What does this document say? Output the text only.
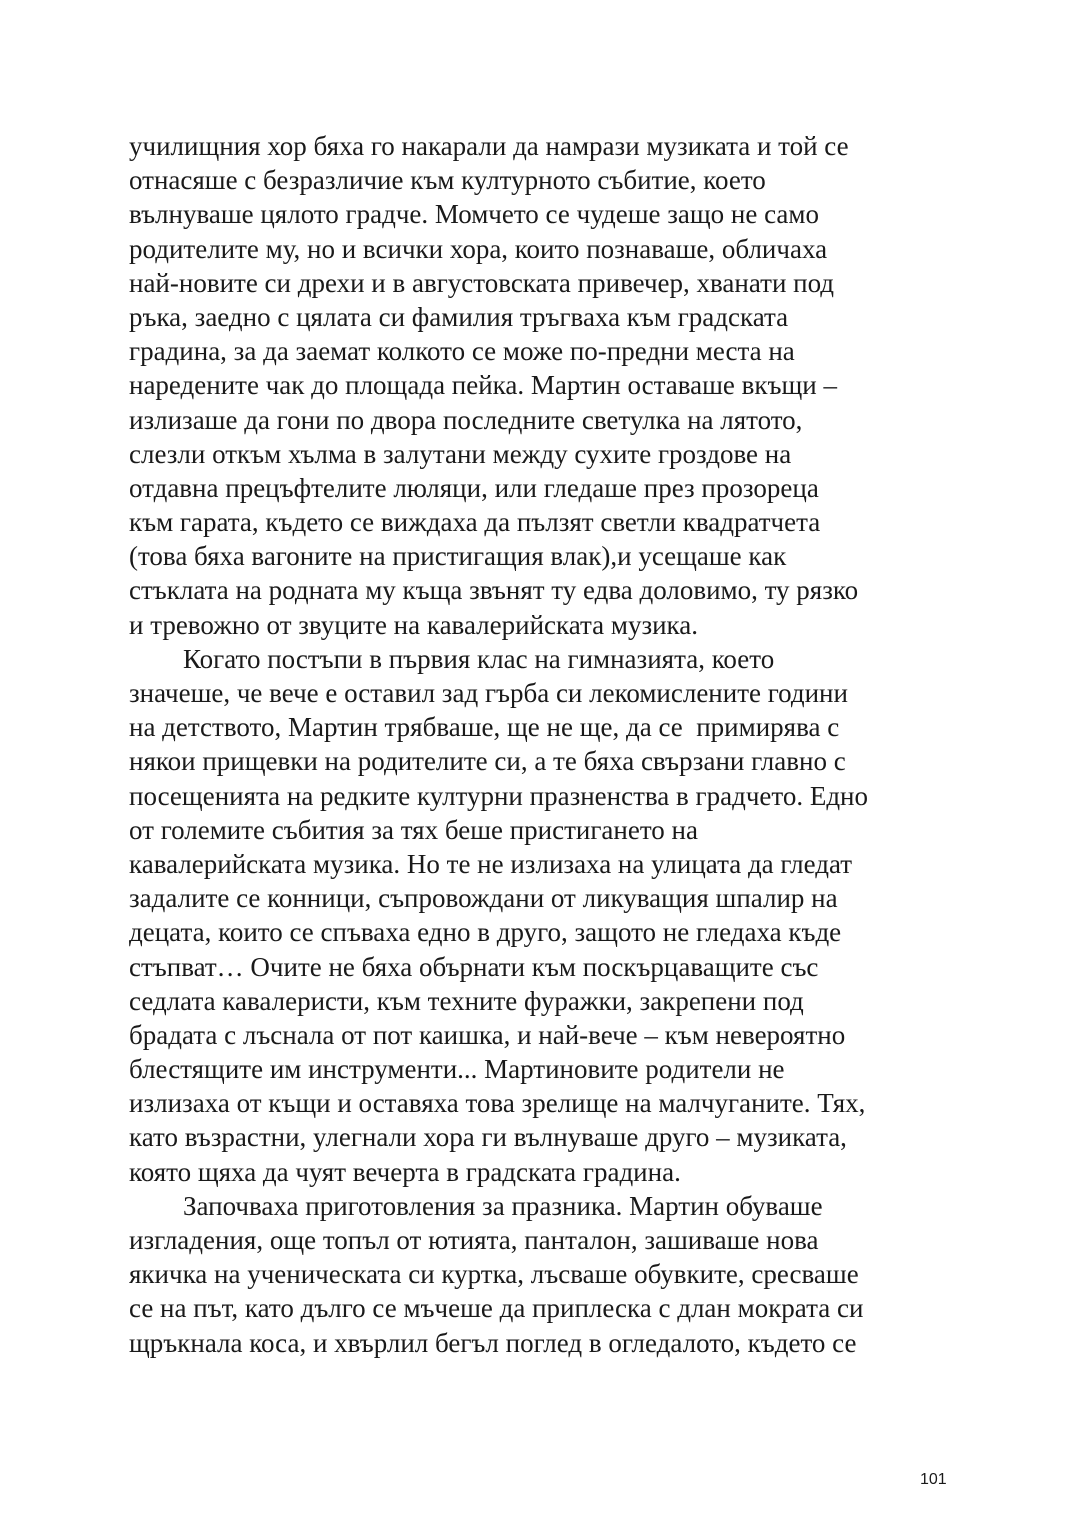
училищния хор бяха го накарали да намрази музиката и той се
отнасяше с безразличие към културното събитие, което
вълнуваше цялото градче. Момчето се чудеше защо не само
родителите му, но и всички хора, които познаваше, обличаха
най-новите си дрехи и в августовската привечер, хванати под
ръка, заедно с цялата си фамилия тръгваха към градската
градина, за да заемат колкото се може по-предни места на
наредените чак до площада пейка. Мартин оставаше вкъщи –
излизаше да гони по двора последните светулка на лятото,
слезли откъм хълма в залутани между сухите гроздове на
отдавна прецъфтелите люляци, или гледаше през прозореца
към гарата, където се виждаха да пълзят светли квадратчета
(това бяха вагоните на пристигащия влак),и усещаше как
стъклата на родната му къща звънят ту едва доловимо, ту рязко
и тревожно от звуците на кавалерийската музика.
Когато постъпи в първия клас на гимназията, което
значеше, че вече е оставил зад гърба си лекомислените години
на детството, Мартин трябваше, ще не ще, да се  примирява с
някои прищевки на родителите си, а те бяха свързани главно с
посещенията на редките културни празненства в градчето. Едно
от големите събития за тях беше пристигането на
кавалерийската музика. Но те не излизаха на улицата да гледат
задалите се конници, съпровождани от ликуващия шпалир на
децата, които се спъваха едно в друго, защото не гледаха къде
стъпват… Очите не бяха обърнати към поскърцаващите със
седлата кавалеристи, към техните фуражки, закрепени под
брадата с лъснала от пот каишка, и най-вече – към невероятно
блестящите им инструменти... Мартиновите родители не
излизаха от къщи и оставяха това зрелище на малчуганите. Тях,
като възрастни, улегнали хора ги вълнуваше друго – музиката,
която щяха да чуят вечерта в градската градина.
Започваха приготовления за празника. Мартин обуваше
изгладения, още топъл от ютията, панталон, зашиваше нова
якичка на ученическата си куртка, лъсваше обувките, сресваше
се на път, като дълго се мъчеше да приплеска с длан мократа си
щръкнала коса, и хвърлил бегъл поглед в огледалото, където се
101
